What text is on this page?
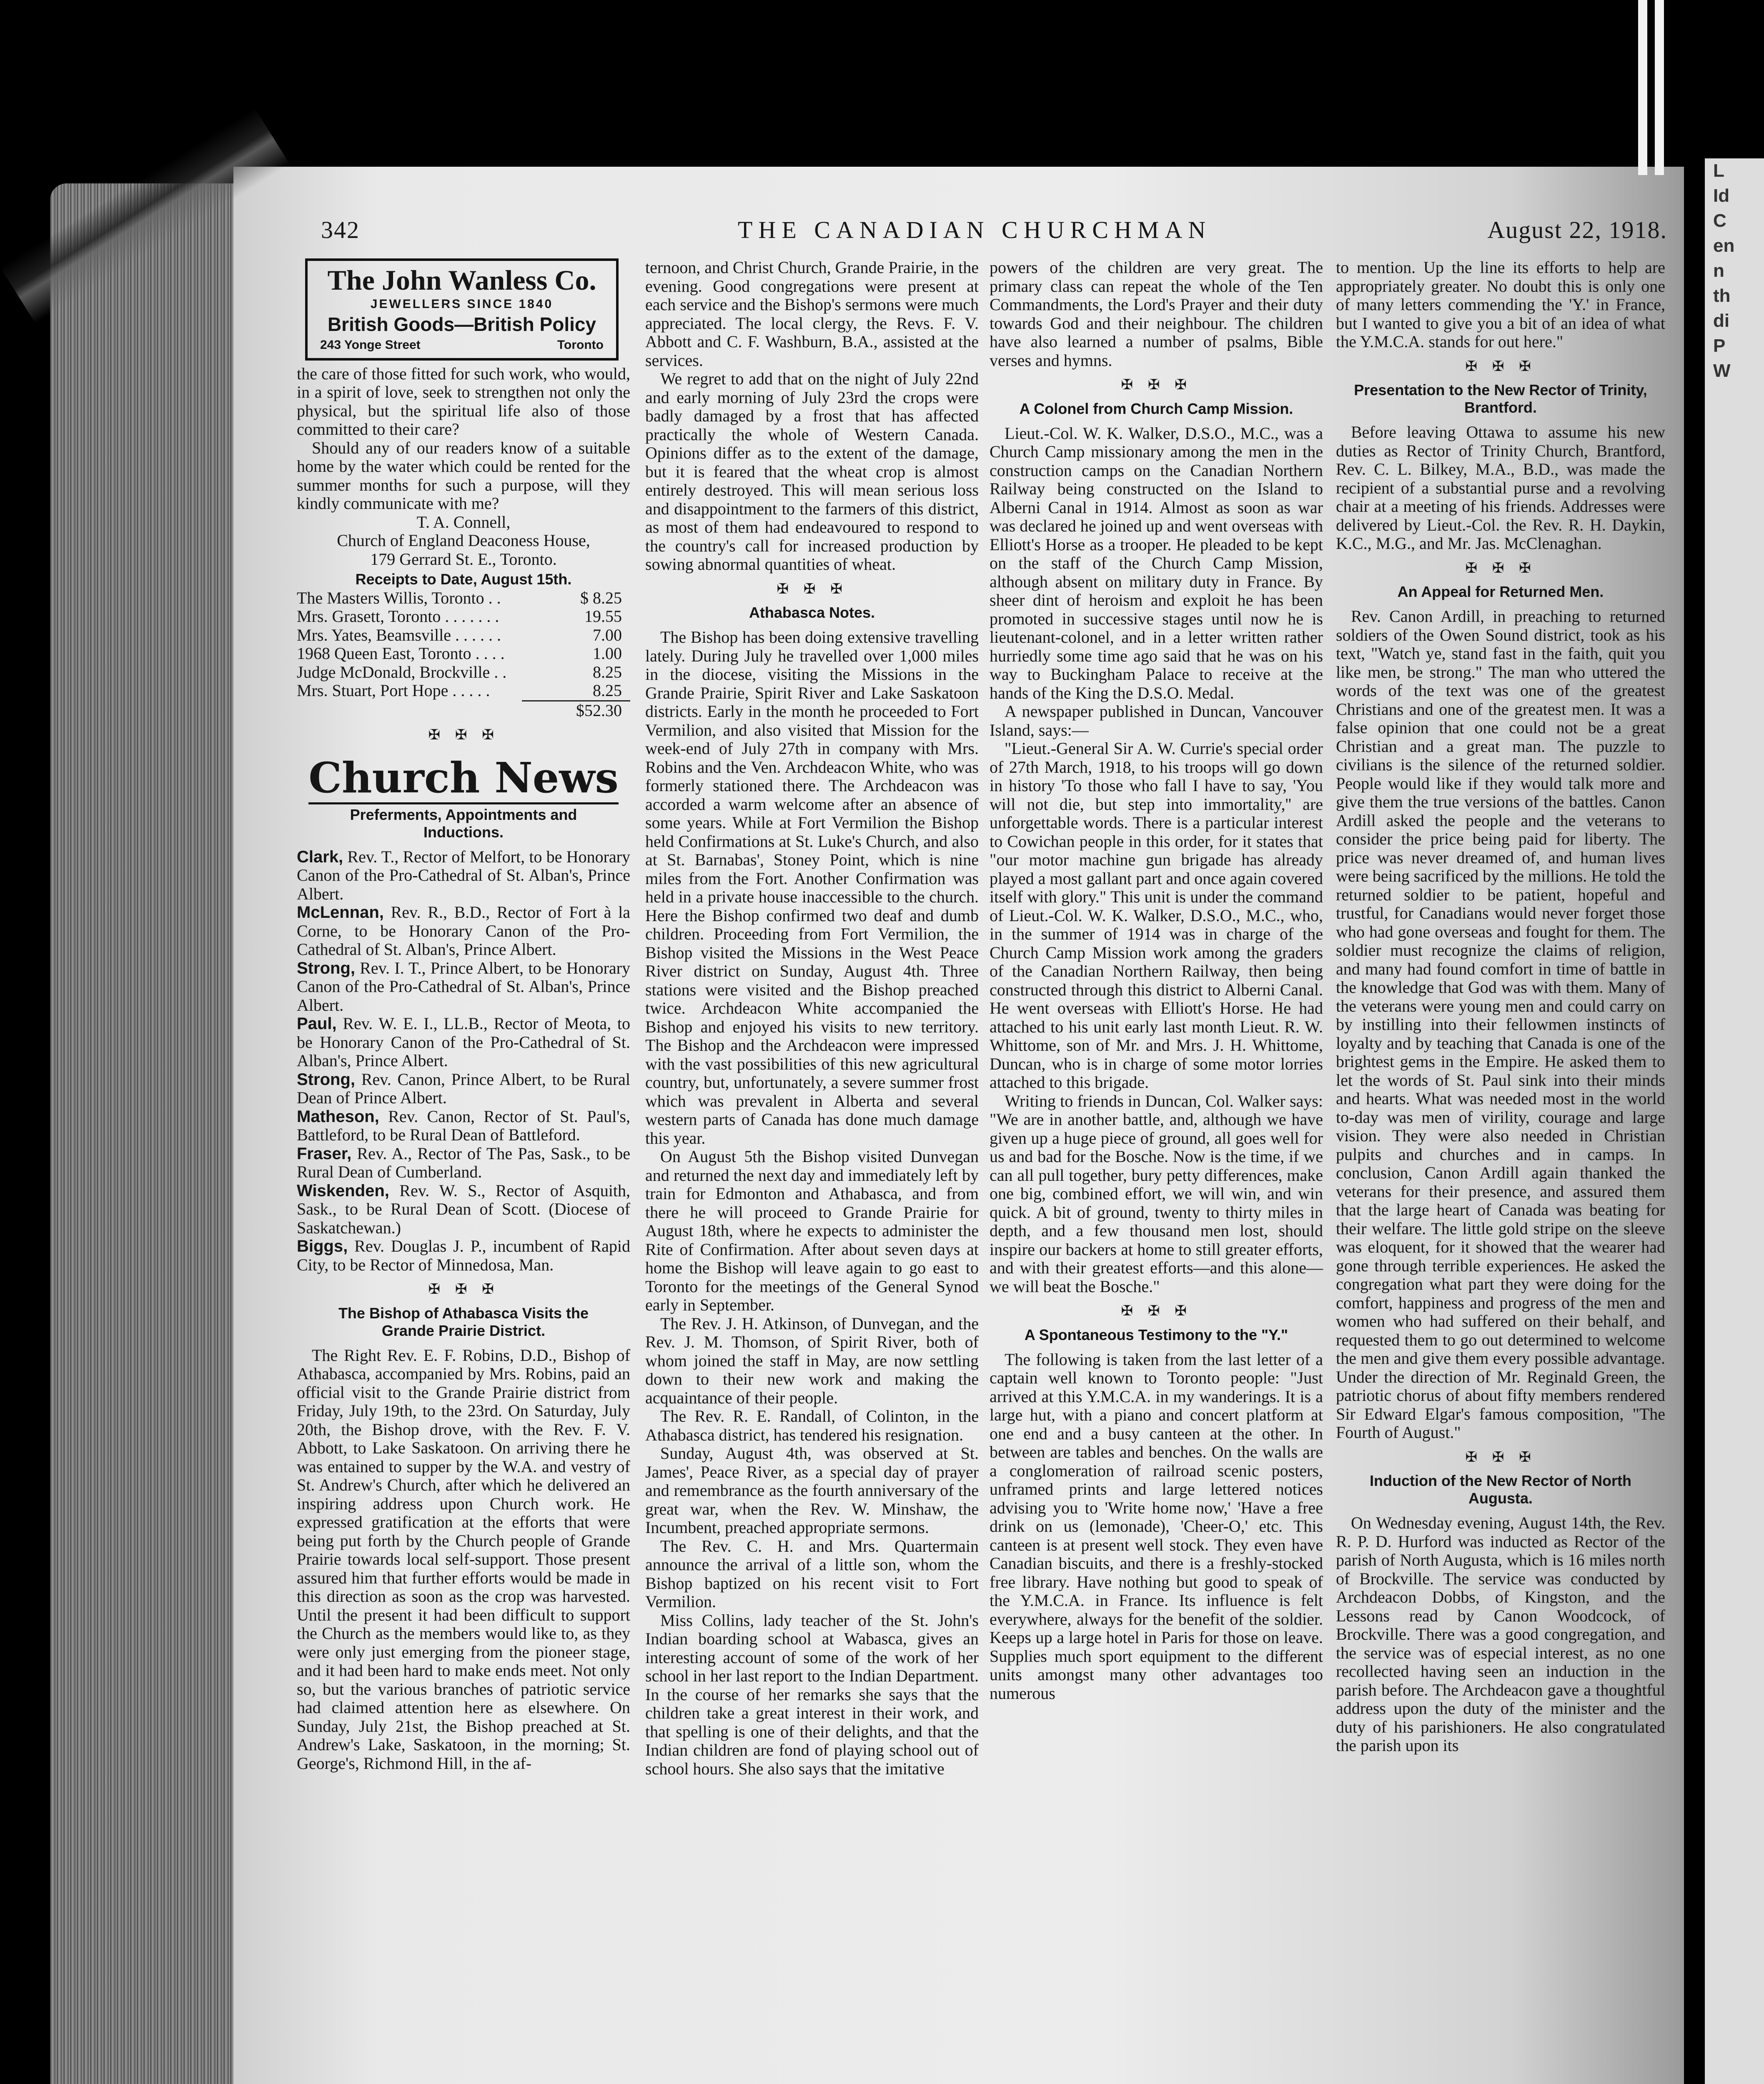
L
Id
C
en
n
th
di
P
W
342	THE CANADIAN CHURCHMAN	August 22, 1918.
The John Wanless Co.
JEWELLERS SINCE 1840
British Goods—British Policy
243 Yonge Street	Toronto

the care of those fitted for such work, who would, in a spirit of love, seek to strengthen not only the physical, but the spiritual life also of those committed to their care?

Should any of our readers know of a suitable home by the water which could be rented for the summer months for such a purpose, will they kindly communicate with me?

T. A. Connell,
Church of England Deaconess House,
179 Gerrard St. E., Toronto.
Receipts to Date, August 15th.
The Masters Willis, Toronto . .	$ 8.25
Mrs. Grasett, Toronto . . . . . . .	19.55
Mrs. Yates, Beamsville . . . . . .	7.00
1968 Queen East, Toronto . . . .	1.00
Judge McDonald, Brockville . .	8.25
Mrs. Stuart, Port Hope . . . . .	8.25
$52.30
✠ ✠ ✠
Church News
Preferments, Appointments and Inductions.

Clark, Rev. T., Rector of Melfort, to be Honorary Canon of the Pro-Cathedral of St. Alban's, Prince Albert.

McLennan, Rev. R., B.D., Rector of Fort à la Corne, to be Honorary Canon of the Pro-Cathedral of St. Alban's, Prince Albert.

Strong, Rev. I. T., Prince Albert, to be Honorary Canon of the Pro-Cathedral of St. Alban's, Prince Albert.

Paul, Rev. W. E. I., LL.B., Rector of Meota, to be Honorary Canon of the Pro-Cathedral of St. Alban's, Prince Albert.

Strong, Rev. Canon, Prince Albert, to be Rural Dean of Prince Albert.

Matheson, Rev. Canon, Rector of St. Paul's, Battleford, to be Rural Dean of Battleford.

Fraser, Rev. A., Rector of The Pas, Sask., to be Rural Dean of Cumberland.

Wiskenden, Rev. W. S., Rector of Asquith, Sask., to be Rural Dean of Scott. (Diocese of Saskatchewan.)

Biggs, Rev. Douglas J. P., incumbent of Rapid City, to be Rector of Minnedosa, Man.

✠ ✠ ✠
The Bishop of Athabasca Visits the Grande Prairie District.

The Right Rev. E. F. Robins, D.D., Bishop of Athabasca, accompanied by Mrs. Robins, paid an official visit to the Grande Prairie district from Friday, July 19th, to the 23rd. On Saturday, July 20th, the Bishop drove, with the Rev. F. V. Abbott, to Lake Saskatoon. On arriving there he was entained to supper by the W.A. and vestry of St. Andrew's Church, after which he delivered an inspiring address upon Church work. He expressed gratification at the efforts that were being put forth by the Church people of Grande Prairie towards local self-support. Those present assured him that further efforts would be made in this direction as soon as the crop was harvested. Until the present it had been difficult to support the Church as the members would like to, as they were only just emerging from the pioneer stage, and it had been hard to make ends meet. Not only so, but the various branches of patriotic service had claimed attention here as elsewhere. On Sunday, July 21st, the Bishop preached at St. Andrew's Lake, Saskatoon, in the morning; St. George's, Richmond Hill, in the af-

ternoon, and Christ Church, Grande Prairie, in the evening. Good congregations were present at each service and the Bishop's sermons were much appreciated. The local clergy, the Revs. F. V. Abbott and C. F. Washburn, B.A., assisted at the services.

We regret to add that on the night of July 22nd and early morning of July 23rd the crops were badly damaged by a frost that has affected practically the whole of Western Canada. Opinions differ as to the extent of the damage, but it is feared that the wheat crop is almost entirely destroyed. This will mean serious loss and disappointment to the farmers of this district, as most of them had endeavoured to respond to the country's call for increased production by sowing abnormal quantities of wheat.

✠ ✠ ✠
Athabasca Notes.

The Bishop has been doing extensive travelling lately. During July he travelled over 1,000 miles in the diocese, visiting the Missions in the Grande Prairie, Spirit River and Lake Saskatoon districts. Early in the month he proceeded to Fort Vermilion, and also visited that Mission for the week-end of July 27th in company with Mrs. Robins and the Ven. Archdeacon White, who was formerly stationed there. The Archdeacon was accorded a warm welcome after an absence of some years. While at Fort Vermilion the Bishop held Confirmations at St. Luke's Church, and also at St. Barnabas', Stoney Point, which is nine miles from the Fort. Another Confirmation was held in a private house inaccessible to the church. Here the Bishop confirmed two deaf and dumb children. Proceeding from Fort Vermilion, the Bishop visited the Missions in the West Peace River district on Sunday, August 4th. Three stations were visited and the Bishop preached twice. Archdeacon White accompanied the Bishop and enjoyed his visits to new territory. The Bishop and the Archdeacon were impressed with the vast possibilities of this new agricultural country, but, unfortunately, a severe summer frost which was prevalent in Alberta and several western parts of Canada has done much damage this year.

On August 5th the Bishop visited Dunvegan and returned the next day and immediately left by train for Edmonton and Athabasca, and from there he will proceed to Grande Prairie for August 18th, where he expects to administer the Rite of Confirmation. After about seven days at home the Bishop will leave again to go east to Toronto for the meetings of the General Synod early in September.

The Rev. J. H. Atkinson, of Dunvegan, and the Rev. J. M. Thomson, of Spirit River, both of whom joined the staff in May, are now settling down to their new work and making the acquaintance of their people.

The Rev. R. E. Randall, of Colinton, in the Athabasca district, has tendered his resignation.

Sunday, August 4th, was observed at St. James', Peace River, as a special day of prayer and remembrance as the fourth anniversary of the great war, when the Rev. W. Minshaw, the Incumbent, preached appropriate sermons.

The Rev. C. H. and Mrs. Quartermain announce the arrival of a little son, whom the Bishop baptized on his recent visit to Fort Vermilion.

Miss Collins, lady teacher of the St. John's Indian boarding school at Wabasca, gives an interesting account of some of the work of her school in her last report to the Indian Department. In the course of her remarks she says that the children take a great interest in their work, and that spelling is one of their delights, and that the Indian children are fond of playing school out of school hours. She also says that the imitative

powers of the children are very great. The primary class can repeat the whole of the Ten Commandments, the Lord's Prayer and their duty towards God and their neighbour. The children have also learned a number of psalms, Bible verses and hymns.

✠ ✠ ✠
A Colonel from Church Camp Mission.

Lieut.-Col. W. K. Walker, D.S.O., M.C., was a Church Camp missionary among the men in the construction camps on the Canadian Northern Railway being constructed on the Island to Alberni Canal in 1914. Almost as soon as war was declared he joined up and went overseas with Elliott's Horse as a trooper. He pleaded to be kept on the staff of the Church Camp Mission, although absent on military duty in France. By sheer dint of heroism and exploit he has been promoted in successive stages until now he is lieutenant-colonel, and in a letter written rather hurriedly some time ago said that he was on his way to Buckingham Palace to receive at the hands of the King the D.S.O. Medal.

A newspaper published in Duncan, Vancouver Island, says:—

"Lieut.-General Sir A. W. Currie's special order of 27th March, 1918, to his troops will go down in history 'To those who fall I have to say, 'You will not die, but step into immortality,'' are unforgettable words. There is a particular interest to Cowichan people in this order, for it states that "our motor machine gun brigade has already played a most gallant part and once again covered itself with glory." This unit is under the command of Lieut.-Col. W. K. Walker, D.S.O., M.C., who, in the summer of 1914 was in charge of the Church Camp Mission work among the graders of the Canadian Northern Railway, then being constructed through this district to Alberni Canal. He went overseas with Elliott's Horse. He had attached to his unit early last month Lieut. R. W. Whittome, son of Mr. and Mrs. J. H. Whittome, Duncan, who is in charge of some motor lorries attached to this brigade.

Writing to friends in Duncan, Col. Walker says: "We are in another battle, and, although we have given up a huge piece of ground, all goes well for us and bad for the Bosche. Now is the time, if we can all pull together, bury petty differences, make one big, combined effort, we will win, and win quick. A bit of ground, twenty to thirty miles in depth, and a few thousand men lost, should inspire our backers at home to still greater efforts, and with their greatest efforts—and this alone—we will beat the Bosche."

✠ ✠ ✠
A Spontaneous Testimony to the "Y."

The following is taken from the last letter of a captain well known to Toronto people: "Just arrived at this Y.M.C.A. in my wanderings. It is a large hut, with a piano and concert platform at one end and a busy canteen at the other. In between are tables and benches. On the walls are a conglomeration of railroad scenic posters, unframed prints and large lettered notices advising you to 'Write home now,' 'Have a free drink on us (lemonade), 'Cheer-O,' etc. This canteen is at present well stock. They even have Canadian biscuits, and there is a freshly-stocked free library. Have nothing but good to speak of the Y.M.C.A. in France. Its influence is felt everywhere, always for the benefit of the soldier. Keeps up a large hotel in Paris for those on leave. Supplies much sport equipment to the different units amongst many other advantages too numerous

to mention. Up the line its efforts to help are appropriately greater. No doubt this is only one of many letters commending the 'Y.' in France, but I wanted to give you a bit of an idea of what the Y.M.C.A. stands for out here."

✠ ✠ ✠
Presentation to the New Rector of Trinity, Brantford.

Before leaving Ottawa to assume his new duties as Rector of Trinity Church, Brantford, Rev. C. L. Bilkey, M.A., B.D., was made the recipient of a substantial purse and a revolving chair at a meeting of his friends. Addresses were delivered by Lieut.-Col. the Rev. R. H. Daykin, K.C., M.G., and Mr. Jas. McClenaghan.

✠ ✠ ✠
An Appeal for Returned Men.

Rev. Canon Ardill, in preaching to returned soldiers of the Owen Sound district, took as his text, "Watch ye, stand fast in the faith, quit you like men, be strong." The man who uttered the words of the text was one of the greatest Christians and one of the greatest men. It was a false opinion that one could not be a great Christian and a great man. The puzzle to civilians is the silence of the returned soldier. People would like if they would talk more and give them the true versions of the battles. Canon Ardill asked the people and the veterans to consider the price being paid for liberty. The price was never dreamed of, and human lives were being sacrificed by the millions. He told the returned soldier to be patient, hopeful and trustful, for Canadians would never forget those who had gone overseas and fought for them. The soldier must recognize the claims of religion, and many had found comfort in time of battle in the knowledge that God was with them. Many of the veterans were young men and could carry on by instilling into their fellowmen instincts of loyalty and by teaching that Canada is one of the brightest gems in the Empire. He asked them to let the words of St. Paul sink into their minds and hearts. What was needed most in the world to-day was men of virility, courage and large vision. They were also needed in Christian pulpits and churches and in camps. In conclusion, Canon Ardill again thanked the veterans for their presence, and assured them that the large heart of Canada was beating for their welfare. The little gold stripe on the sleeve was eloquent, for it showed that the wearer had gone through terrible experiences. He asked the congregation what part they were doing for the comfort, happiness and progress of the men and women who had suffered on their behalf, and requested them to go out determined to welcome the men and give them every possible advantage. Under the direction of Mr. Reginald Green, the patriotic chorus of about fifty members rendered Sir Edward Elgar's famous composition, "The Fourth of August."

✠ ✠ ✠
Induction of the New Rector of North Augusta.

On Wednesday evening, August 14th, the Rev. R. P. D. Hurford was inducted as Rector of the parish of North Augusta, which is 16 miles north of Brockville. The service was conducted by Archdeacon Dobbs, of Kingston, and the Lessons read by Canon Woodcock, of Brockville. There was a good congregation, and the service was of especial interest, as no one recollected having seen an induction in the parish before. The Archdeacon gave a thoughtful address upon the duty of the minister and the duty of his parishioners. He also congratulated the parish upon its
